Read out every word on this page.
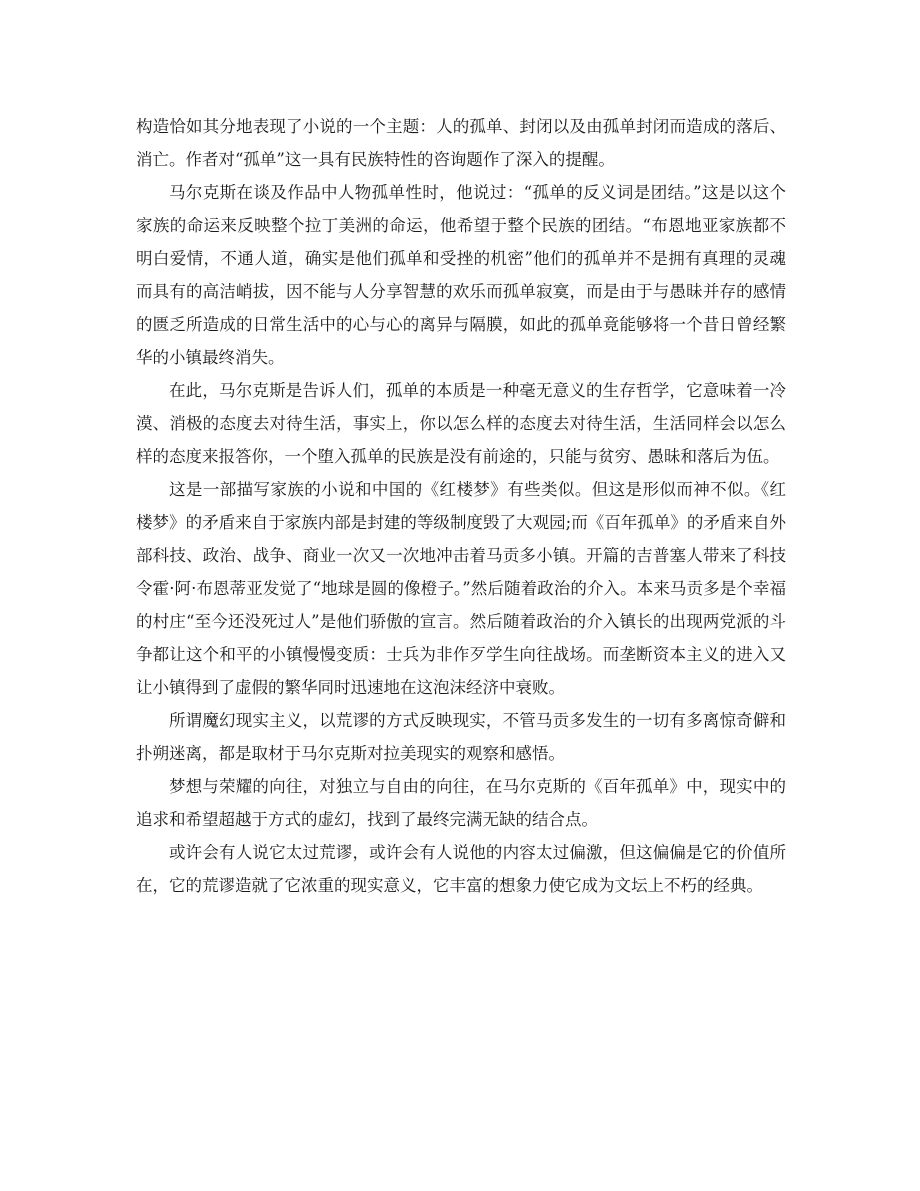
构造恰如其分地表现了小说的一个主题：人的孤单、封闭以及由孤单封闭而造成的落后、消亡。作者对“孤单”这一具有民族特性的咨询题作了深入的提醒。

马尔克斯在谈及作品中人物孤单性时，他说过：“孤单的反义词是团结。”这是以这个家族的命运来反映整个拉丁美洲的命运，他希望于整个民族的团结。“布恩地亚家族都不明白爱情，不通人道，确实是他们孤单和受挫的机密”他们的孤单并不是拥有真理的灵魂而具有的高洁峭拔，因不能与人分享智慧的欢乐而孤单寂寞，而是由于与愚昧并存的感情的匮乏所造成的日常生活中的心与心的离异与隔膜，如此的孤单竟能够将一个昔日曾经繁华的小镇最终消失。

在此，马尔克斯是告诉人们，孤单的本质是一种毫无意义的生存哲学，它意味着一冷漠、消极的态度去对待生活，事实上，你以怎么样的态度去对待生活，生活同样会以怎么样的态度来报答你，一个堕入孤单的民族是没有前途的，只能与贫穷、愚昧和落后为伍。

这是一部描写家族的小说和中国的《红楼梦》有些类似。但这是形似而神不似。《红楼梦》的矛盾来自于家族内部是封建的等级制度毁了大观园;而《百年孤单》的矛盾来自外部科技、政治、战争、商业一次又一次地冲击着马贡多小镇。开篇的吉普塞人带来了科技令霍·阿·布恩蒂亚发觉了“地球是圆的像橙子。”然后随着政治的介入。本来马贡多是个幸福的村庄“至今还没死过人”是他们骄傲的宣言。然后随着政治的介入镇长的出现两党派的斗争都让这个和平的小镇慢慢变质：士兵为非作歹学生向往战场。而垄断资本主义的进入又让小镇得到了虚假的繁华同时迅速地在这泡沫经济中衰败。

所谓魔幻现实主义，以荒谬的方式反映现实，不管马贡多发生的一切有多离惊奇僻和扑朔迷离，都是取材于马尔克斯对拉美现实的观察和感悟。

梦想与荣耀的向往，对独立与自由的向往，在马尔克斯的《百年孤单》中，现实中的追求和希望超越于方式的虚幻，找到了最终完满无缺的结合点。

或许会有人说它太过荒谬，或许会有人说他的内容太过偏激，但这偏偏是它的价值所在，它的荒谬造就了它浓重的现实意义，它丰富的想象力使它成为文坛上不朽的经典。
